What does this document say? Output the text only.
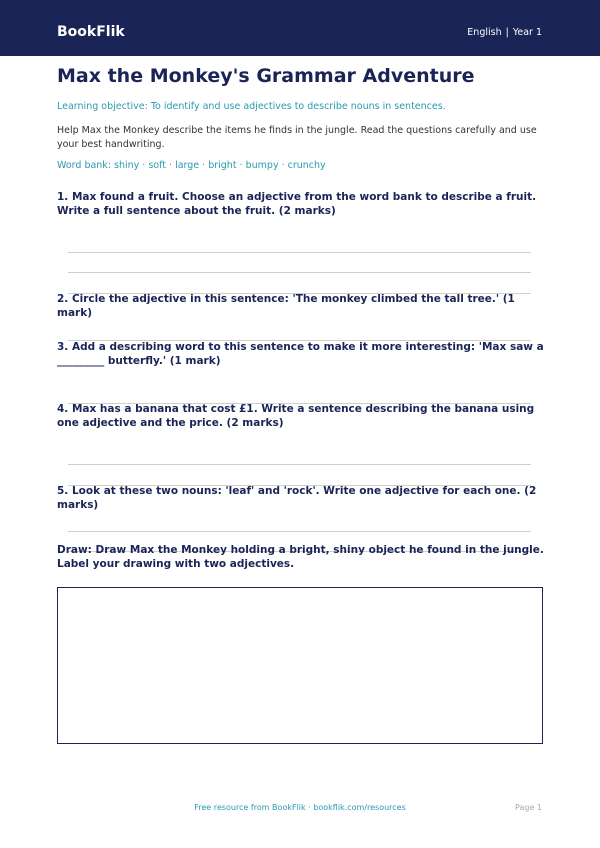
BookFlik	English | Year 1
Max the Monkey's Grammar Adventure
Learning objective: To identify and use adjectives to describe nouns in sentences.
Help Max the Monkey describe the items he finds in the jungle. Read the questions carefully and use your best handwriting.
Word bank: shiny · soft · large · bright · bumpy · crunchy
1. Max found a fruit. Choose an adjective from the word bank to describe a fruit. Write a full sentence about the fruit. (2 marks)
2. Circle the adjective in this sentence: 'The monkey climbed the tall tree.' (1 mark)
3. Add a describing word to this sentence to make it more interesting: 'Max saw a _________ butterfly.' (1 mark)
4. Max has a banana that cost £1. Write a sentence describing the banana using one adjective and the price. (2 marks)
5. Look at these two nouns: 'leaf' and 'rock'. Write one adjective for each one. (2 marks)
Draw: Draw Max the Monkey holding a bright, shiny object he found in the jungle. Label your drawing with two adjectives.
Free resource from BookFlik · bookflik.com/resources	Page 1
